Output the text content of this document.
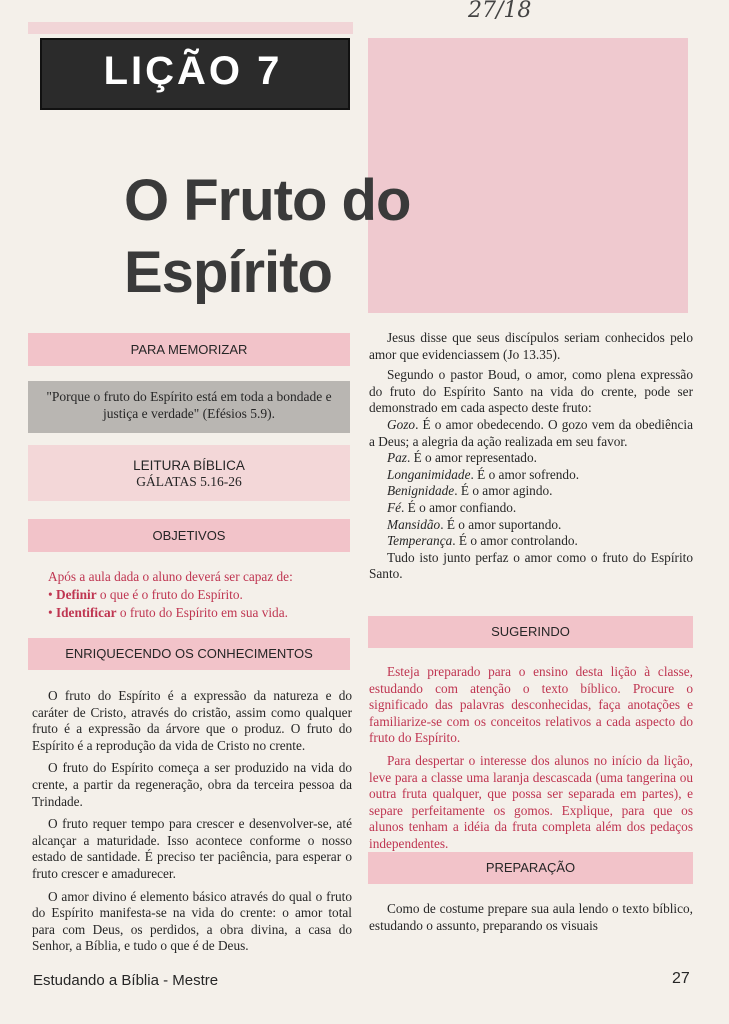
27/18
LIÇÃO 7
O Fruto do
Espírito
PARA MEMORIZAR
"Porque o fruto do Espírito está em toda a bondade e justiça e verdade" (Efésios 5.9).
LEITURA BÍBLICA
GÁLATAS 5.16-26
OBJETIVOS
Após a aula dada o aluno deverá ser capaz de:
• Definir o que é o fruto do Espírito.
• Identificar o fruto do Espírito em sua vida.
ENRIQUECENDO OS CONHECIMENTOS

O fruto do Espírito é a expressão da natureza e do caráter de Cristo, através do cristão, assim como qualquer fruto é a expressão da árvore que o produz. O fruto do Espírito é a reprodução da vida de Cristo no crente.

O fruto do Espírito começa a ser produzido na vida do crente, a partir da regeneração, obra da terceira pessoa da Trindade.

O fruto requer tempo para crescer e desenvolver-se, até alcançar a maturidade. Isso acontece conforme o nosso estado de santidade. É preciso ter paciência, para esperar o fruto crescer e amadurecer.

O amor divino é elemento básico através do qual o fruto do Espírito manifesta-se na vida do crente: o amor total para com Deus, os perdidos, a obra divina, a casa do Senhor, a Bíblia, e tudo o que é de Deus.

Jesus disse que seus discípulos seriam conhecidos pelo amor que evidenciassem (Jo 13.35).

Segundo o pastor Boud, o amor, como plena expressão do fruto do Espírito Santo na vida do crente, pode ser demonstrado em cada aspecto deste fruto:

Gozo. É o amor obedecendo. O gozo vem da obediência a Deus; a alegria da ação realizada em seu favor.

Paz. É o amor representado.

Longanimidade. É o amor sofrendo.

Benignidade. É o amor agindo.

Fé. É o amor confiando.

Mansidão. É o amor suportando.

Temperança. É o amor controlando.

Tudo isto junto perfaz o amor como o fruto do Espírito Santo.

SUGERINDO

Esteja preparado para o ensino desta lição à classe, estudando com atenção o texto bíblico. Procure o significado das palavras desconhecidas, faça anotações e familiarize-se com os conceitos relativos a cada aspecto do fruto do Espírito.

Para despertar o interesse dos alunos no início da lição, leve para a classe uma laranja descascada (uma tangerina ou outra fruta qualquer, que possa ser separada em partes), e separe perfeitamente os gomos. Explique, para que os alunos tenham a idéia da fruta completa além dos pedaços independentes.

PREPARAÇÃO

Como de costume prepare sua aula lendo o texto bíblico, estudando o assunto, preparando os visuais

Estudando a Bíblia - Mestre	27
